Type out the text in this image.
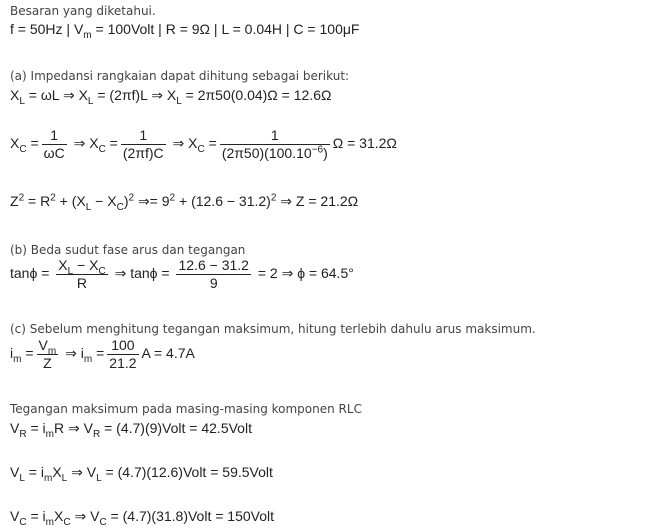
Besaran yang diketahui.
f = 50Hz | $V_m$ = 100Volt | R = 9Ω | L = 0.04H | C = 100μF
(a) Impedansi rangkaian dapat dihitung sebagai berikut:
$X_L = \omega L$ ⇒ $X_L = (2\pi f)L$ ⇒ $X_L = 2\pi 50(0.04)\Omega = 12.6\Omega$
$X_C = \frac{1}{\omega C}$ ⇒ $X_C = \frac{1}{(2\pi f)C}$ ⇒ $X_C = \frac{1}{(2\pi 50)(100.10^{-6})}$ Ω = 31.2Ω
$Z^2 = R^2 + (X_L - X_C)^2$ ⇒= $9^2 + (12.6 - 31.2)^2$ ⇒ Z = 21.2Ω
(b) Beda sudut fase arus dan tegangan
$\tan\phi = \frac{X_L - X_C}{R}$ ⇒ $\tan\phi = \frac{12.6 - 31.2}{9} = 2$ ⇒ ϕ = 64.5°
(c) Sebelum menghitung tegangan maksimum, hitung terlebih dahulu arus maksimum.
$i_m = \frac{V_m}{Z}$ ⇒ $i_m = \frac{100}{21.2}$ A = 4.7A
Tegangan maksimum pada masing-masing komponen RLC
$V_R = i_mR$ ⇒ $V_R$ = (4.7)(9)Volt = 42.5Volt
$V_L = i_mX_L$ ⇒ $V_L$ = (4.7)(12.6)Volt = 59.5Volt
$V_C = i_mX_C$ ⇒ $V_C$ = (4.7)(31.8)Volt = 150Volt
